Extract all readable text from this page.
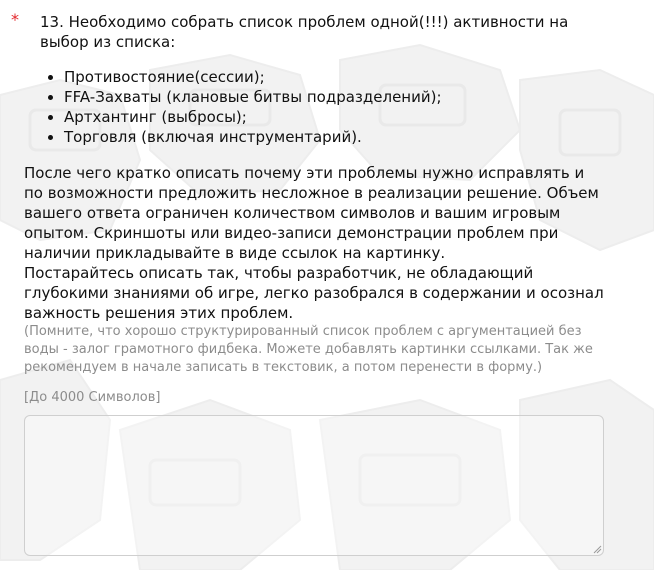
* 13. Необходимо собрать список проблем одной(!!!) активности на выбор из списка:

• Противостояние(сессии);
• FFA-Захваты (клановые битвы подразделений);
• Артхантинг (выбросы);
• Торговля (включая инструментарий).
После чего кратко описать почему эти проблемы нужно исправлять и по возможности предложить несложное в реализации решение. Объем вашего ответа ограничен количеством символов и вашим игровым опытом. Скриншоты или видео-записи демонстрации проблем при наличии прикладывайте в виде ссылок на картинку.
Постарайтесь описать так, чтобы разработчик, не обладающий глубокими знаниями об игре, легко разобрался в содержании и осознал важность решения этих проблем.

(Помните, что хорошо структурированный список проблем с аргументацией без воды - залог грамотного фидбека. Можете добавлять картинки ссылками. Так же рекомендуем в начале записать в текстовик, а потом перенести в форму.)

[До 4000 Символов]
